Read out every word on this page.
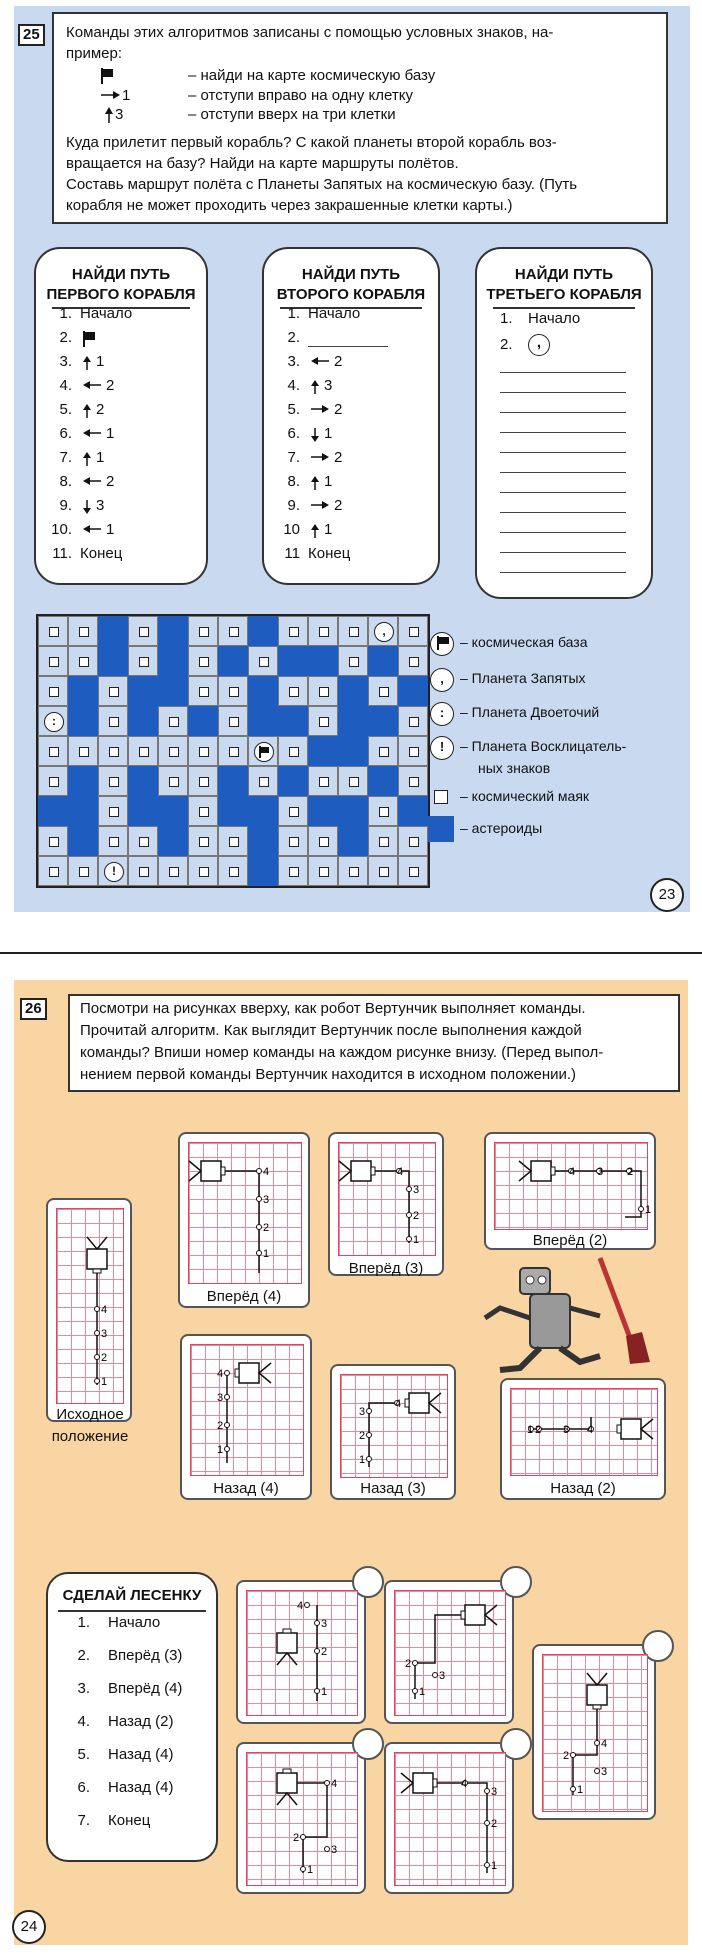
25	Команды этих алгоритмов записаны с помощью условных знаков, на-
пример:
– найди на карте космическую базу
1	– отступи вправо на одну клетку
3	– отступи вверх на три клетки
Куда прилетит первый корабль? С какой планеты второй корабль воз-
вращается на базу? Найди на карте маршруты полётов.
Составь маршрут полёта с Планеты Запятых на космическую базу. (Путь
корабля не может проходить через закрашенные клетки карты.)
НАЙДИ ПУТЬ
ПЕРВОГО КОРАБЛЯ
НАЙДИ ПУТЬ
ВТОРОГО КОРАБЛЯ
НАЙДИ ПУТЬ
ТРЕТЬЕГО КОРАБЛЯ
1. Начало
2.	,
,
:
!
23
1. Начало
2.
3. 1
4. 2
5. 2
6. 1
7. 1
8. 2
9. 3
10. 1
11. Конец
1. Начало
2.
3. 2
4. 3
5. 2
6. 1
7. 2
8. 1
9. 2
10 1
11 Конец
– космическая база
,	– Планета Запятых
:	– Планета Двоеточий
!	– Планета Восклицатель-
ных знаков
– космический маяк
– астероиды
26	Посмотри на рисунках вверху, как робот Вертунчик выполняет команды.
Прочитай алгоритм. Как выглядит Вертунчик после выполнения каждой
команды? Впиши номер команды на каждом рисунке внизу. (Перед выпол-
нением первой команды Вертунчик находится в исходном положении.)
Исходное
положение
Вперёд (4)
Вперёд (3)
Вперёд (2)
Назад (4)	Назад (3)	Назад (2)
СДЕЛАЙ ЛЕСЕНКУ
24
4
3
2
1
4
3
2
1
4
3
2
1
4 3 2
1
4
3
2
1
4
3
2
1
2 3 4
1
4
3
2
1
2
3
1
4
2
3
1
4
2
3
1
4
3
2
1
1. Начало
2. Вперёд (3)
3. Вперёд (4)
4. Назад (2)
5. Назад (4)
6. Назад (4)
7. Конец
